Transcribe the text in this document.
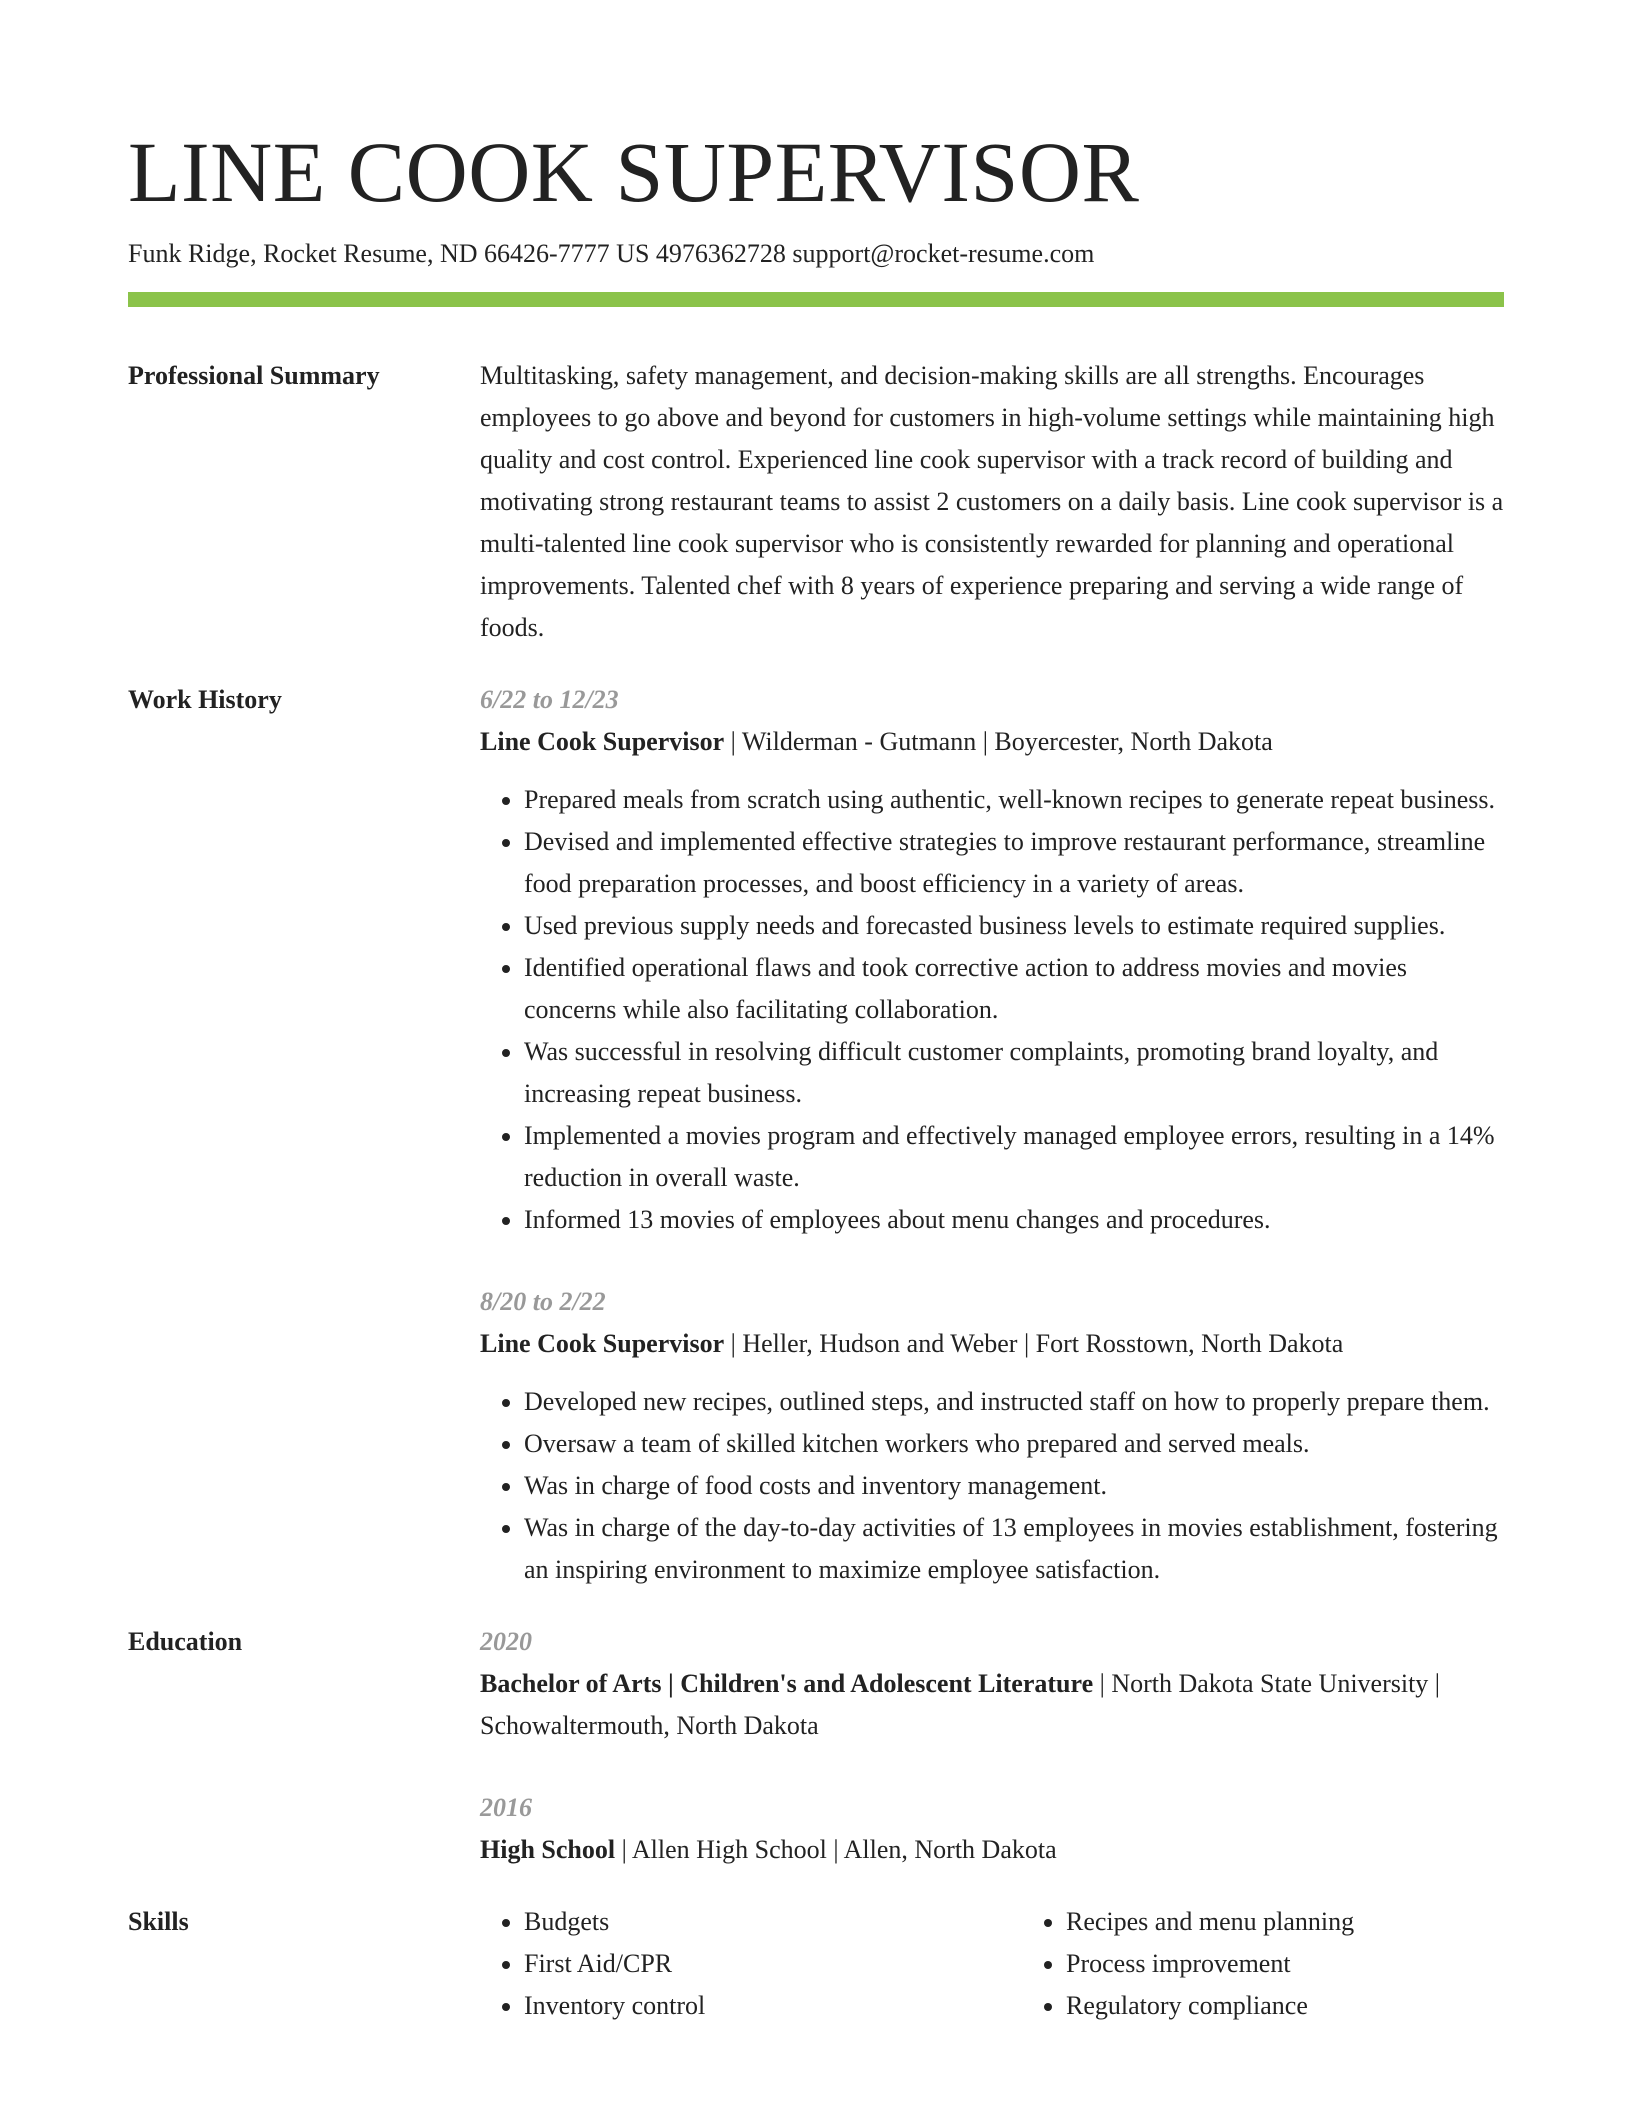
LINE COOK SUPERVISOR
Funk Ridge, Rocket Resume, ND 66426-7777 US 4976362728 support@rocket-resume.com
Professional Summary	Multitasking, safety management, and decision-making skills are all strengths. Encourages employees to go above and beyond for customers in high-volume settings while maintaining high quality and cost control. Experienced line cook supervisor with a track record of building and motivating strong restaurant teams to assist 2 customers on a daily basis. Line cook supervisor is a multi-talented line cook supervisor who is consistently rewarded for planning and operational improvements. Talented chef with 8 years of experience preparing and serving a wide range of foods.

Work History	6/22 to 12/23
Line Cook Supervisor | Wilderman - Gutmann | Boyercester, North Dakota
• Prepared meals from scratch using authentic, well-known recipes to generate repeat business.
• Devised and implemented effective strategies to improve restaurant performance, streamline food preparation processes, and boost efficiency in a variety of areas.
• Used previous supply needs and forecasted business levels to estimate required supplies.
• Identified operational flaws and took corrective action to address movies and movies concerns while also facilitating collaboration.
• Was successful in resolving difficult customer complaints, promoting brand loyalty, and increasing repeat business.
• Implemented a movies program and effectively managed employee errors, resulting in a 14% reduction in overall waste.
• Informed 13 movies of employees about menu changes and procedures.
8/20 to 2/22
Line Cook Supervisor | Heller, Hudson and Weber | Fort Rosstown, North Dakota
• Developed new recipes, outlined steps, and instructed staff on how to properly prepare them.
• Oversaw a team of skilled kitchen workers who prepared and served meals.
• Was in charge of food costs and inventory management.
• Was in charge of the day-to-day activities of 13 employees in movies establishment, fostering an inspiring environment to maximize employee satisfaction.
Education	2020
Bachelor of Arts | Children's and Adolescent Literature | North Dakota State University | Schowaltermouth, North Dakota
2016
High School | Allen High School | Allen, North Dakota
Skills
•	Budgets
• First Aid/CPR
• Inventory control
• Recipes and menu planning
• Process improvement
• Regulatory compliance
